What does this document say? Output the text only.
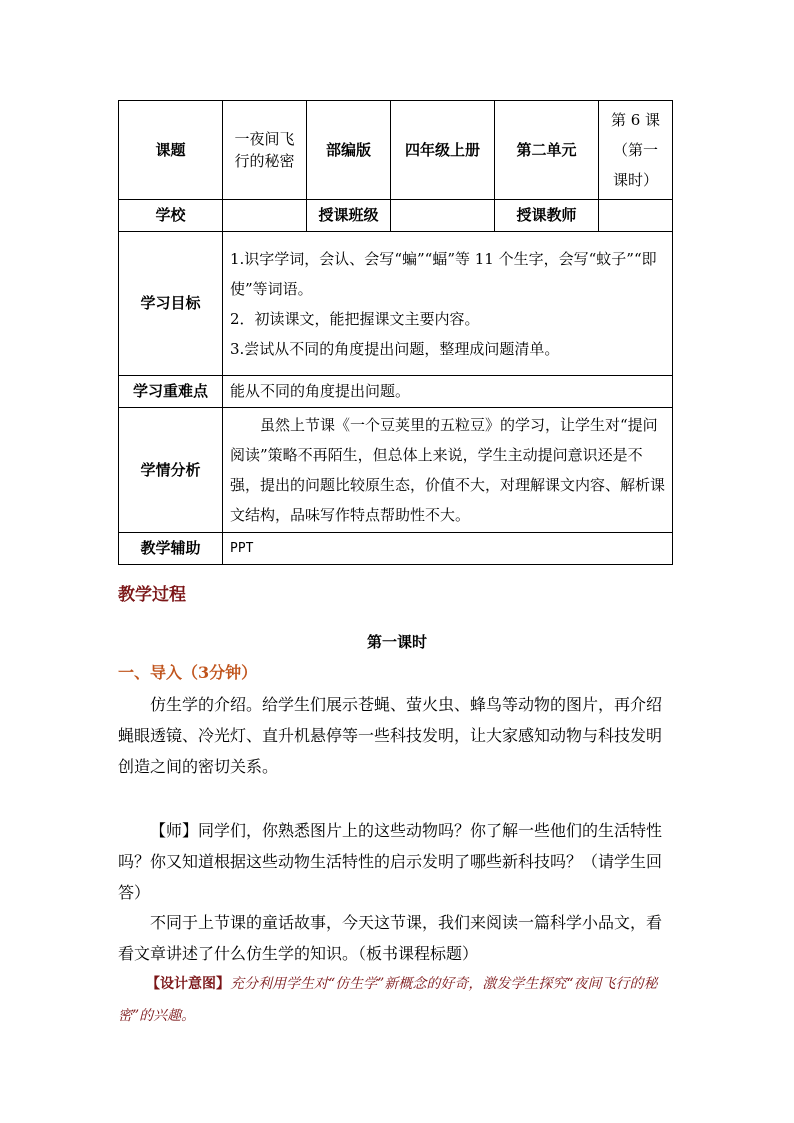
课题	一夜间飞行的秘密	部编版	四年级上册	第二单元	第 6 课（第一课时）
学校		授课班级		授课教师	
学习目标	1.识字学词，会认、会写“蝙”“蝠”等 11 个生字，会写“蚊子”“即使”等词语。

2．初读课文，能把握课文主要内容。

3.尝试从不同的角度提出问题，整理成问题清单。				

学习重难点	能从不同的角度提出问题。				
学情分析	虽然上节课《一个豆荚里的五粒豆》的学习，让学生对“提问阅读”策略不再陌生，但总体上来说，学生主动提问意识还是不强，提出的问题比较原生态，价值不大，对理解课文内容、解析课文结构，品味写作特点帮助性不大。				
教学辅助	PPT				
教学过程
第一课时
一、导入（3分钟）

仿生学的介绍。给学生们展示苍蝇、萤火虫、蜂鸟等动物的图片，再介绍蝇眼透镜、冷光灯、直升机悬停等一些科技发明，让大家感知动物与科技发明创造之间的密切关系。

【师】同学们，你熟悉图片上的这些动物吗？你了解一些他们的生活特性吗？你又知道根据这些动物生活特性的启示发明了哪些新科技吗？（请学生回答）

不同于上节课的童话故事，今天这节课，我们来阅读一篇科学小品文，看看文章讲述了什么仿生学的知识。（板书课程标题）

【设计意图】充分利用学生对“仿生学”新概念的好奇，激发学生探究“夜间飞行的秘密”的兴趣。
